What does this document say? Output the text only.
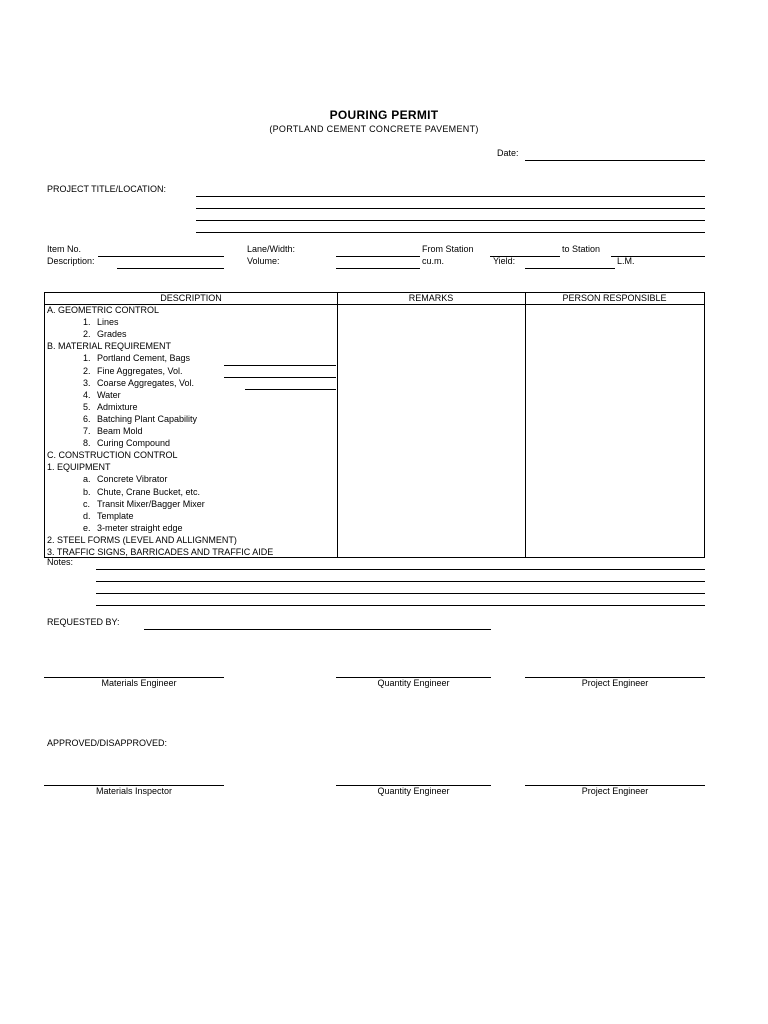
POURING PERMIT
(PORTLAND CEMENT CONCRETE PAVEMENT)
Date:
PROJECT TITLE/LOCATION:
Item No.
Description:
Lane/Width:
Volume:
From Station	to Station
cu.m.	Yield:	L.M.
DESCRIPTION	REMARKS	PERSON RESPONSIBLE
A. GEOMETRIC CONTROL
1. Lines
2. Grades
B. MATERIAL REQUIREMENT
1. Portland Cement, Bags
2. Fine Aggregates, Vol.
3. Coarse Aggregates, Vol.
4. Water
5. Admixture
6. Batching Plant Capability
7. Beam Mold
8. Curing Compound
C. CONSTRUCTION CONTROL
1. EQUIPMENT
a. Concrete Vibrator
b. Chute, Crane Bucket, etc.
c. Transit Mixer/Bagger Mixer
d. Template
e. 3-meter straight edge
2. STEEL FORMS (LEVEL AND ALLIGNMENT)
3. TRAFFIC SIGNS, BARRICADES AND TRAFFIC AIDE
Notes:
REQUESTED BY:
Materials Engineer	Quantity Engineer	Project Engineer
APPROVED/DISAPPROVED:
Materials Inspector	Quantity Engineer	Project Engineer
